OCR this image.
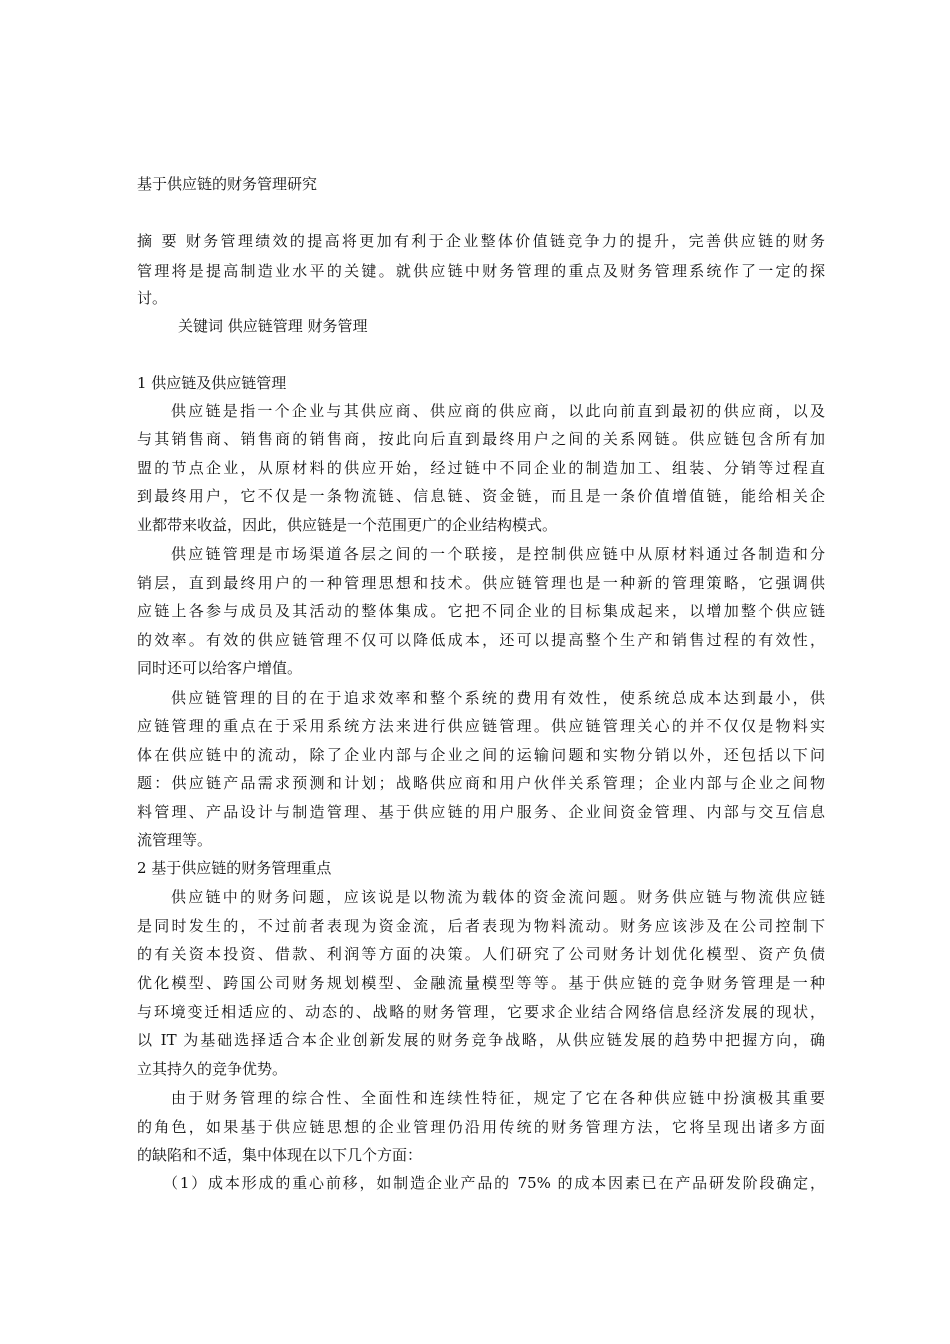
基于供应链的财务管理研究
摘 要 财务管理绩效的提高将更加有利于企业整体价值链竞争力的提升，完善供应链的财务
管理将是提高制造业水平的关键。就供应链中财务管理的重点及财务管理系统作了一定的探
讨。
关键词 供应链管理 财务管理
1 供应链及供应链管理
供应链是指一个企业与其供应商、供应商的供应商，以此向前直到最初的供应商，以及
与其销售商、销售商的销售商，按此向后直到最终用户之间的关系网链。供应链包含所有加
盟的节点企业，从原材料的供应开始，经过链中不同企业的制造加工、组装、分销等过程直
到最终用户，它不仅是一条物流链、信息链、资金链，而且是一条价值增值链，能给相关企
业都带来收益，因此，供应链是一个范围更广的企业结构模式。
供应链管理是市场渠道各层之间的一个联接，是控制供应链中从原材料通过各制造和分
销层，直到最终用户的一种管理思想和技术。供应链管理也是一种新的管理策略，它强调供
应链上各参与成员及其活动的整体集成。它把不同企业的目标集成起来，以增加整个供应链
的效率。有效的供应链管理不仅可以降低成本，还可以提高整个生产和销售过程的有效性，
同时还可以给客户增值。
供应链管理的目的在于追求效率和整个系统的费用有效性，使系统总成本达到最小，供
应链管理的重点在于采用系统方法来进行供应链管理。供应链管理关心的并不仅仅是物料实
体在供应链中的流动，除了企业内部与企业之间的运输问题和实物分销以外，还包括以下问
题：供应链产品需求预测和计划；战略供应商和用户伙伴关系管理；企业内部与企业之间物
料管理、产品设计与制造管理、基于供应链的用户服务、企业间资金管理、内部与交互信息
流管理等。
2 基于供应链的财务管理重点
供应链中的财务问题，应该说是以物流为载体的资金流问题。财务供应链与物流供应链
是同时发生的，不过前者表现为资金流，后者表现为物料流动。财务应该涉及在公司控制下
的有关资本投资、借款、利润等方面的决策。人们研究了公司财务计划优化模型、资产负债
优化模型、跨国公司财务规划模型、金融流量模型等等。基于供应链的竞争财务管理是一种
与环境变迁相适应的、动态的、战略的财务管理，它要求企业结合网络信息经济发展的现状，
以 IT 为基础选择适合本企业创新发展的财务竞争战略，从供应链发展的趋势中把握方向，确
立其持久的竞争优势。
由于财务管理的综合性、全面性和连续性特征，规定了它在各种供应链中扮演极其重要
的角色，如果基于供应链思想的企业管理仍沿用传统的财务管理方法，它将呈现出诸多方面
的缺陷和不适，集中体现在以下几个方面：
（1）成本形成的重心前移，如制造企业产品的 75% 的成本因素已在产品研发阶段确定，
